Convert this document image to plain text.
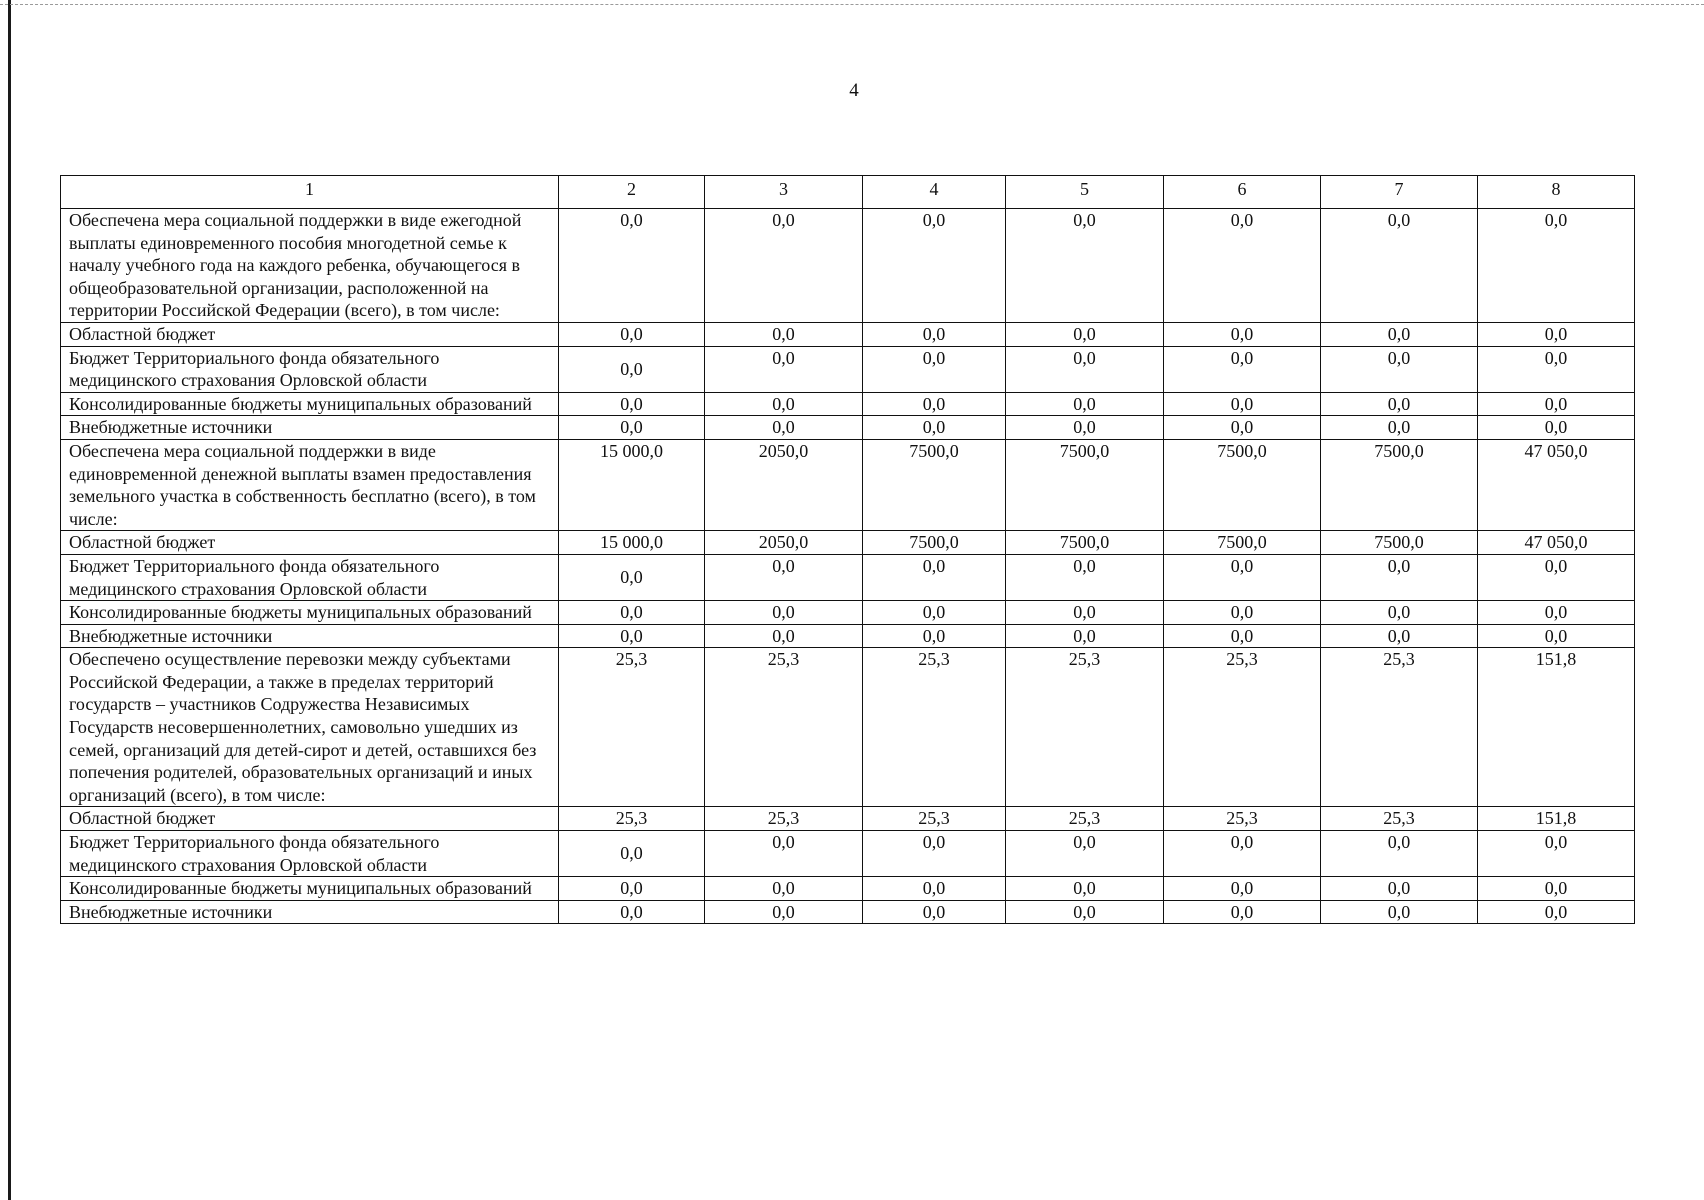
4
1	2	3	4	5	6	7	8
Обеспечена мера социальной поддержки в виде ежегодной выплаты единовременного пособия многодетной семье к началу учебного года на каждого ребенка, обучающегося в общеобразовательной организации, расположенной на территории Российской Федерации (всего), в том числе:	0,0	0,0	0,0	0,0	0,0	0,0	0,0
Областной бюджет	0,0	0,0	0,0	0,0	0,0	0,0	0,0
Бюджет Территориального фонда обязательного медицинского страхования Орловской области	0,0	0,0	0,0	0,0	0,0	0,0	0,0
Консолидированные бюджеты муниципальных образований	0,0	0,0	0,0	0,0	0,0	0,0	0,0
Внебюджетные источники	0,0	0,0	0,0	0,0	0,0	0,0	0,0
Обеспечена мера социальной поддержки в виде единовременной денежной выплаты взамен предоставления земельного участка в собственность бесплатно (всего), в том числе:	15 000,0	2050,0	7500,0	7500,0	7500,0	7500,0	47 050,0
Областной бюджет	15 000,0	2050,0	7500,0	7500,0	7500,0	7500,0	47 050,0
Бюджет Территориального фонда обязательного медицинского страхования Орловской области	0,0	0,0	0,0	0,0	0,0	0,0	0,0
Консолидированные бюджеты муниципальных образований	0,0	0,0	0,0	0,0	0,0	0,0	0,0
Внебюджетные источники	0,0	0,0	0,0	0,0	0,0	0,0	0,0
Обеспечено осуществление перевозки между субъектами Российской Федерации, а также в пределах территорий государств – участников Содружества Независимых Государств несовершеннолетних, самовольно ушедших из семей, организаций для детей-сирот и детей, оставшихся без попечения родителей, образовательных организаций и иных организаций (всего), в том числе:	25,3	25,3	25,3	25,3	25,3	25,3	151,8
Областной бюджет	25,3	25,3	25,3	25,3	25,3	25,3	151,8
Бюджет Территориального фонда обязательного медицинского страхования Орловской области	0,0	0,0	0,0	0,0	0,0	0,0	0,0
Консолидированные бюджеты муниципальных образований	0,0	0,0	0,0	0,0	0,0	0,0	0,0
Внебюджетные источники	0,0	0,0	0,0	0,0	0,0	0,0	0,0
